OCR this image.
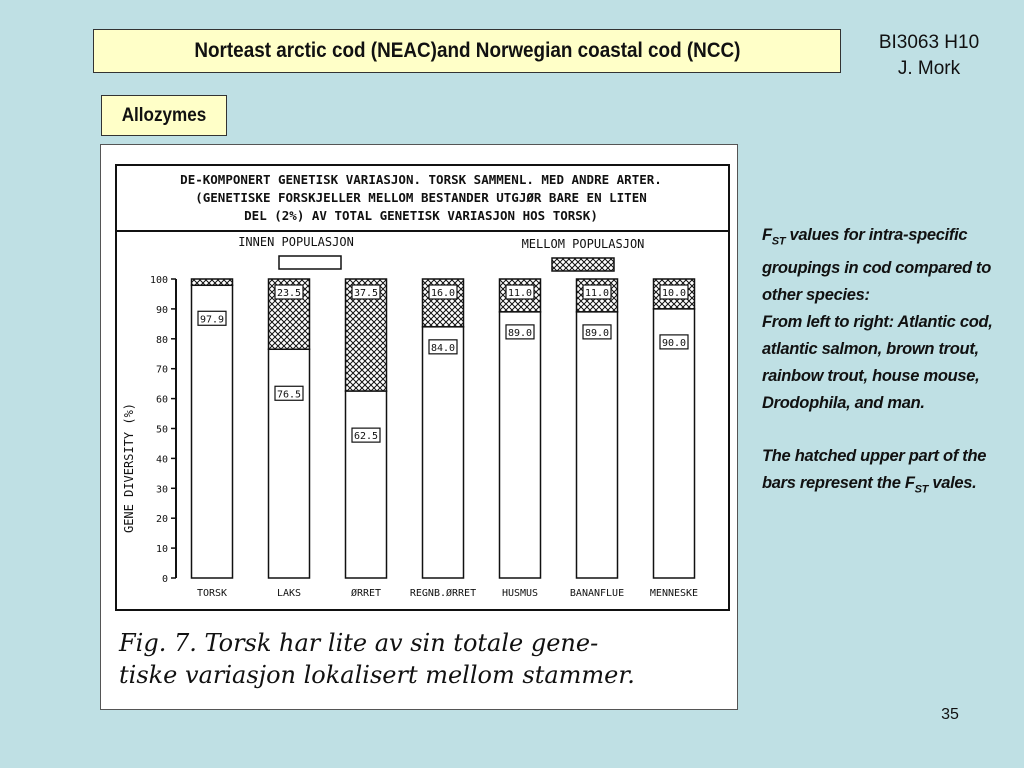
Norteast arctic cod (NEAC)and Norwegian coastal cod (NCC)	BI3063 H10
J. Mork
Allozymes
DE-KOMPONERT GENETISK VARIASJON. TORSK SAMMENL. MED ANDRE ARTER.
(GENETISKE FORSKJELLER MELLOM BESTANDER UTGJØR BARE EN LITEN
DEL (2%) AV TOTAL GENETISK VARIASJON HOS TORSK)
INNEN POPULASJON	MELLOM POPULASJON
GENE DIVERSITY (%)
0
10
20
30
40
50
60
70
80
90
100
97.9
TORSK
76.5
23.5
LAKS
62.5
37.5
ØRRET
84.0
16.0
REGNB.ØRRET
89.0
11.0
HUSMUS
89.0
11.0
BANANFLUE
90.0
10.0
MENNESKE
Fig. 7. Torsk har lite av sin totale gene-
tiske variasjon lokalisert mellom stammer.

$F_{ST}$ values for intra-specific groupings in cod compared to other species:

From left to right: Atlantic cod, atlantic salmon, brown trout, rainbow trout, house mouse, Drodophila, and man.

The hatched upper part of the bars represent the $F_{ST}$ vales.

35
